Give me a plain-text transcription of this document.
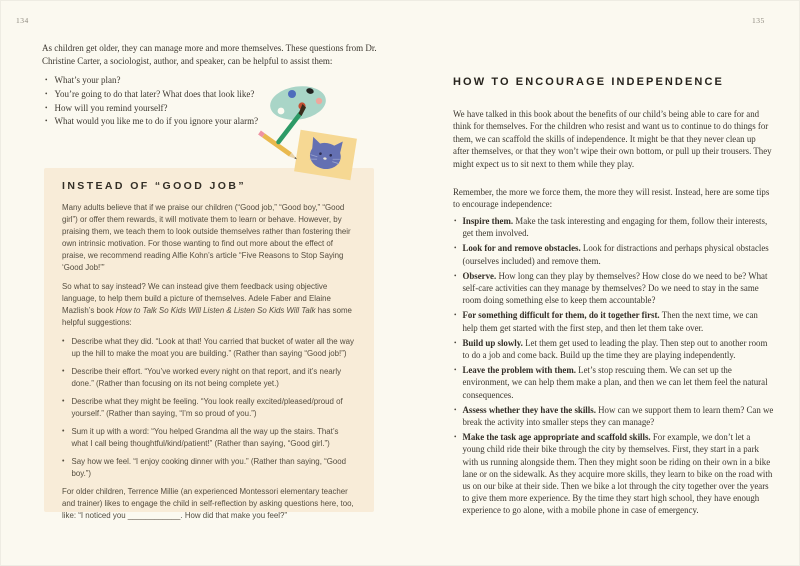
134

As children get older, they can manage more and more themselves. These questions from Dr. Christine Carter, a sociologist, author, and speaker, can be helpful to assist them:

• What’s your plan?
• You’re going to do that later? What does that look like?
• How will you remind yourself?
• What would you like me to do if you ignore your alarm?
INSTEAD OF “GOOD JOB”

Many adults believe that if we praise our children (“Good job,” “Good boy,” “Good girl”) or offer them rewards, it will motivate them to learn or behave. However, by praising them, we teach them to look outside themselves rather than fostering their own intrinsic motivation. For those wanting to find out more about the effect of praise, we recommend reading Alfie Kohn’s article “Five Reasons to Stop Saying ‘Good Job!’”

So what to say instead? We can instead give them feedback using objective language, to help them build a picture of themselves. Adele Faber and Elaine Mazlish’s book How to Talk So Kids Will Listen & Listen So Kids Will Talk has some helpful suggestions:

• Describe what they did. “Look at that! You carried that bucket of water all the way up the hill to make the moat you are building.” (Rather than saying “Good job!”)
• Describe their effort. “You’ve worked every night on that report, and it’s nearly done.” (Rather than focusing on its not being complete yet.)
• Describe what they might be feeling. “You look really excited/pleased/proud of yourself.” (Rather than saying, “I’m so proud of you.”)
• Sum it up with a word: “You helped Grandma all the way up the stairs. That’s what I call being thoughtful/kind/patient!” (Rather than saying, “Good girl.”)
• Say how we feel. “I enjoy cooking dinner with you.” (Rather than saying, “Good boy.”)

For older children, Terrence Millie (an experienced Montessori elementary teacher and trainer) likes to engage the child in self-reflection by asking questions here, too, like: “I noticed you ____________. How did that make you feel?”

135
HOW TO ENCOURAGE INDEPENDENCE

We have talked in this book about the benefits of our child’s being able to care for and think for themselves. For the children who resist and want us to continue to do things for them, we can scaffold the skills of independence. It might be that they never clean up after themselves, or that they won’t wipe their own bottom, or pull up their trousers. They might expect us to sit next to them while they play.

Remember, the more we force them, the more they will resist. Instead, here are some tips to encourage independence:

• Inspire them. Make the task interesting and engaging for them, follow their interests, get them involved.
• Look for and remove obstacles. Look for distractions and perhaps physical obstacles (ourselves included) and remove them.
• Observe. How long can they play by themselves? How close do we need to be? What self-care activities can they manage by themselves? Do we need to stay in the same room doing something else to keep them accountable?
• For something difficult for them, do it together first. Then the next time, we can help them get started with the first step, and then let them take over.
• Build up slowly. Let them get used to leading the play. Then step out to another room to do a job and come back. Build up the time they are playing independently.
• Leave the problem with them. Let’s stop rescuing them. We can set up the environment, we can help them make a plan, and then we can let them feel the natural consequences.
• Assess whether they have the skills. How can we support them to learn them? Can we break the activity into smaller steps they can manage?
• Make the task age appropriate and scaffold skills. For example, we don’t let a young child ride their bike through the city by themselves. First, they start in a park with us running alongside them. Then they might soon be riding on their own in a bike lane or on the sidewalk. As they acquire more skills, they learn to bike on the road with us on our bike at their side. Then we bike a lot through the city together over the years to give them more experience. By the time they start high school, they have enough experience to go alone, with a mobile phone in case of emergency.
